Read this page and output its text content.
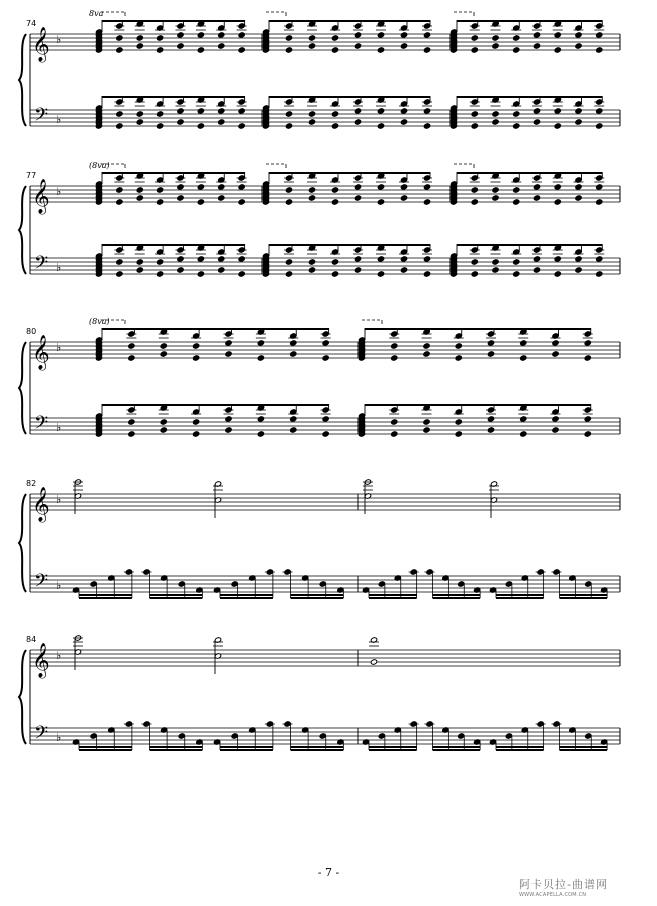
𝄞
𝄢
♭
♭
74
8va
𝄞
𝄢
♭
♭
77
(8va)
𝄞
𝄢
♭
♭
80
(8va)
𝄞
𝄢
♭
♭
82
𝄞
𝄢
♭
♭
84
- 7 -
阿卡贝拉-曲谱网
WWW.ACAPELLA.COM.CN
